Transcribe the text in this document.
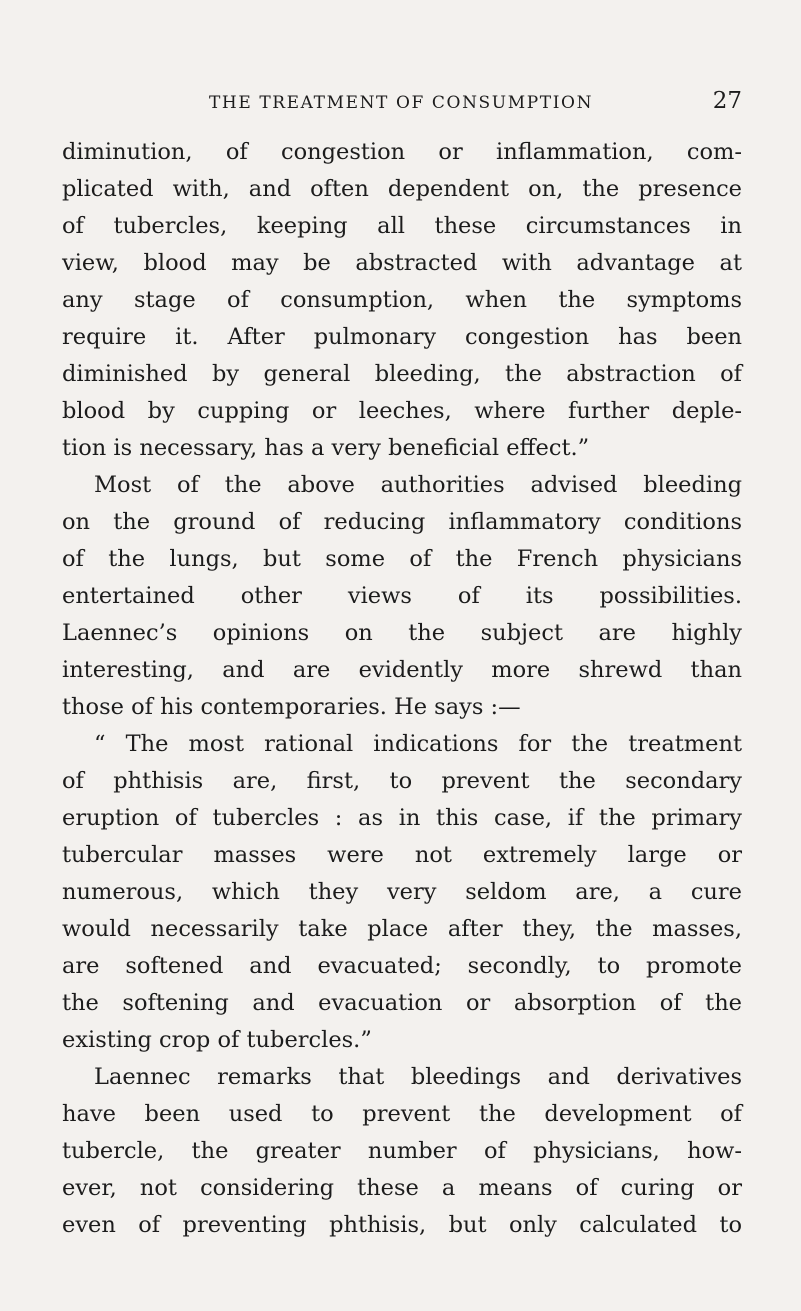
THE TREATMENT OF CONSUMPTION	27
diminution, of congestion or inflammation, com-
plicated with, and often dependent on, the presence
of tubercles, keeping all these circumstances in
view, blood may be abstracted with advantage at
any stage of consumption, when the symptoms
require it. After pulmonary congestion has been
diminished by general bleeding, the abstraction of
blood by cupping or leeches, where further deple-
tion is necessary, has a very beneficial effect.”
Most of the above authorities advised bleeding
on the ground of reducing inflammatory conditions
of the lungs, but some of the French physicians
entertained other views of its possibilities.
Laennec’s opinions on the subject are highly
interesting, and are evidently more shrewd than
those of his contemporaries. He says :—
“ The most rational indications for the treatment
of phthisis are, first, to prevent the secondary
eruption of tubercles : as in this case, if the primary
tubercular masses were not extremely large or
numerous, which they very seldom are, a cure
would necessarily take place after they, the masses,
are softened and evacuated; secondly, to promote
the softening and evacuation or absorption of the
existing crop of tubercles.”
Laennec remarks that bleedings and derivatives
have been used to prevent the development of
tubercle, the greater number of physicians, how-
ever, not considering these a means of curing or
even of preventing phthisis, but only calculated to
